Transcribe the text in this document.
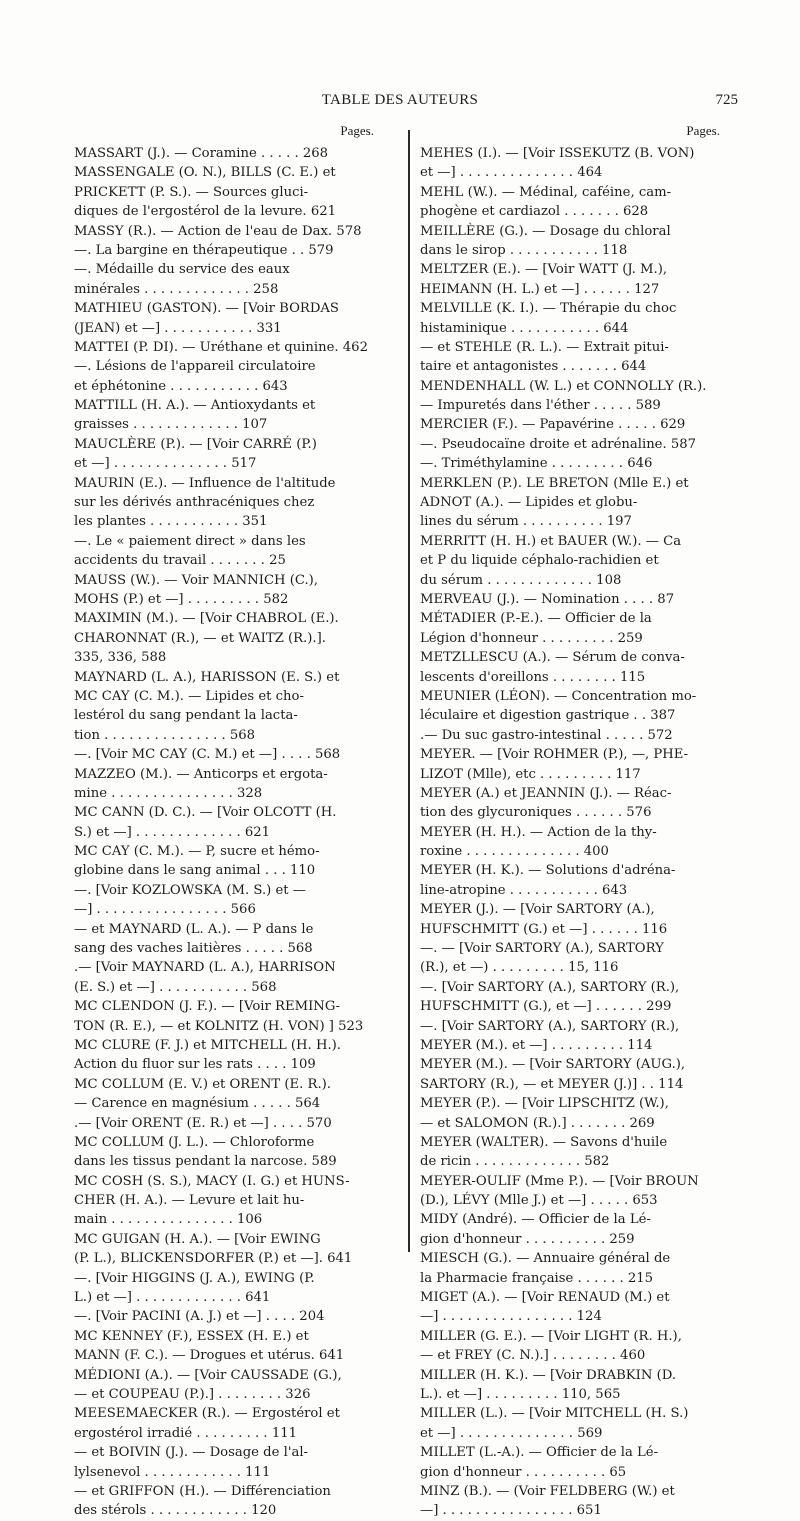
TABLE DES AUTEURS	725
Pages.
MASSART (J.). — Coramine . . . . . 268
MASSENGALE (O. N.), BILLS (C. E.) et
PRICKETT (P. S.). — Sources gluci-
diques de l'ergostérol de la levure. 621
MASSY (R.). — Action de l'eau de Dax. 578
—. La bargine en thérapeutique . . 579
—. Médaille du service des eaux
minérales . . . . . . . . . . . . . 258
MATHIEU (GASTON). — [Voir BORDAS
(JEAN) et —] . . . . . . . . . . . 331
MATTEI (P. DI). — Uréthane et quinine. 462
—. Lésions de l'appareil circulatoire
et éphétonine . . . . . . . . . . . 643
MATTILL (H. A.). — Antioxydants et
graisses . . . . . . . . . . . . . 107
MAUCLÈRE (P.). — [Voir CARRÉ (P.)
et —] . . . . . . . . . . . . . . 517
MAURIN (E.). — Influence de l'altitude
sur les dérivés anthracéniques chez
les plantes . . . . . . . . . . . 351
—. Le « paiement direct » dans les
accidents du travail . . . . . . . 25
MAUSS (W.). — Voir MANNICH (C.),
MOHS (P.) et —] . . . . . . . . . 582
MAXIMIN (M.). — [Voir CHABROL (E.).
CHARONNAT (R.), — et WAITZ (R.).].
335, 336, 588
MAYNARD (L. A.), HARISSON (E. S.) et
MC CAY (C. M.). — Lipides et cho-
lestérol du sang pendant la lacta-
tion . . . . . . . . . . . . . . . 568
—. [Voir MC CAY (C. M.) et —] . . . . 568
MAZZEO (M.). — Anticorps et ergota-
mine . . . . . . . . . . . . . . . 328
MC CANN (D. C.). — [Voir OLCOTT (H.
S.) et —] . . . . . . . . . . . . . 621
MC CAY (C. M.). — P, sucre et hémo-
globine dans le sang animal . . . 110
—. [Voir KOZLOWSKA (M. S.) et —
—] . . . . . . . . . . . . . . . . 566
— et MAYNARD (L. A.). — P dans le
sang des vaches laitières . . . . . 568
.— [Voir MAYNARD (L. A.), HARRISON
(E. S.) et —] . . . . . . . . . . . 568
MC CLENDON (J. F.). — [Voir REMING-
TON (R. E.), — et KOLNITZ (H. VON) ] 523
MC CLURE (F. J.) et MITCHELL (H. H.).
Action du fluor sur les rats . . . . 109
MC COLLUM (E. V.) et ORENT (E. R.).
— Carence en magnésium . . . . . 564
.— [Voir ORENT (E. R.) et —] . . . . 570
MC COLLUM (J. L.). — Chloroforme
dans les tissus pendant la narcose. 589
MC COSH (S. S.), MACY (I. G.) et HUNS-
CHER (H. A.). — Levure et lait hu-
main . . . . . . . . . . . . . . . 106
MC GUIGAN (H. A.). — [Voir EWING
(P. L.), BLICKENSDORFER (P.) et —]. 641
—. [Voir HIGGINS (J. A.), EWING (P.
L.) et —] . . . . . . . . . . . . . 641
—. [Voir PACINI (A. J.) et —] . . . . 204
MC KENNEY (F.), ESSEX (H. E.) et
MANN (F. C.). — Drogues et utérus. 641
MÉDIONI (A.). — [Voir CAUSSADE (G.),
— et COUPEAU (P.).] . . . . . . . . 326
MEESEMAECKER (R.). — Ergostérol et
ergostérol irradié . . . . . . . . . 111
— et BOIVIN (J.). — Dosage de l'al-
lylsenevol . . . . . . . . . . . . 111
— et GRIFFON (H.). — Différenciation
des stérols . . . . . . . . . . . . 120
Pages.
MEHES (I.). — [Voir ISSEKUTZ (B. VON)
et —] . . . . . . . . . . . . . . 464
MEHL (W.). — Médinal, caféine, cam-
phogène et cardiazol . . . . . . . 628
MEILLÈRE (G.). — Dosage du chloral
dans le sirop . . . . . . . . . . . 118
MELTZER (E.). — [Voir WATT (J. M.),
HEIMANN (H. L.) et —] . . . . . . 127
MELVILLE (K. I.). — Thérapie du choc
histaminique . . . . . . . . . . . 644
— et STEHLE (R. L.). — Extrait pitui-
taire et antagonistes . . . . . . . 644
MENDENHALL (W. L.) et CONNOLLY (R.).
— Impuretés dans l'éther . . . . . 589
MERCIER (F.). — Papavérine . . . . . 629
—. Pseudocaïne droite et adrénaline. 587
—. Triméthylamine . . . . . . . . . 646
MERKLEN (P.). LE BRETON (Mlle E.) et
ADNOT (A.). — Lipides et globu-
lines du sérum . . . . . . . . . . 197
MERRITT (H. H.) et BAUER (W.). — Ca
et P du liquide céphalo-rachidien et
du sérum . . . . . . . . . . . . . 108
MERVEAU (J.). — Nomination . . . . 87
MÉTADIER (P.-E.). — Officier de la
Légion d'honneur . . . . . . . . . 259
METZLLESCU (A.). — Sérum de conva-
lescents d'oreillons . . . . . . . . 115
MEUNIER (LÉON). — Concentration mo-
léculaire et digestion gastrique . . 387
.— Du suc gastro-intestinal . . . . . 572
MEYER. — [Voir ROHMER (P.), —, PHE-
LIZOT (Mlle), etc . . . . . . . . . 117
MEYER (A.) et JEANNIN (J.). — Réac-
tion des glycuroniques . . . . . . 576
MEYER (H. H.). — Action de la thy-
roxine . . . . . . . . . . . . . . 400
MEYER (H. K.). — Solutions d'adréna-
line-atropine . . . . . . . . . . . 643
MEYER (J.). — [Voir SARTORY (A.),
HUFSCHMITT (G.) et —] . . . . . . 116
—. — [Voir SARTORY (A.), SARTORY
(R.), et —) . . . . . . . . . 15, 116
—. [Voir SARTORY (A.), SARTORY (R.),
HUFSCHMITT (G.), et —] . . . . . . 299
—. [Voir SARTORY (A.), SARTORY (R.),
MEYER (M.). et —] . . . . . . . . . 114
MEYER (M.). — [Voir SARTORY (AUG.),
SARTORY (R.), — et MEYER (J.)] . . 114
MEYER (P.). — [Voir LIPSCHITZ (W.),
— et SALOMON (R.).] . . . . . . . 269
MEYER (WALTER). — Savons d'huile
de ricin . . . . . . . . . . . . . 582
MEYER-OULIF (Mme P.). — [Voir BROUN
(D.), LÉVY (Mlle J.) et —] . . . . . 653
MIDY (André). — Officier de la Lé-
gion d'honneur . . . . . . . . . . 259
MIESCH (G.). — Annuaire général de
la Pharmacie française . . . . . . 215
MIGET (A.). — [Voir RENAUD (M.) et
—] . . . . . . . . . . . . . . . . 124
MILLER (G. E.). — [Voir LIGHT (R. H.),
— et FREY (C. N.).] . . . . . . . . 460
MILLER (H. K.). — [Voir DRABKIN (D.
L.). et —] . . . . . . . . . 110, 565
MILLER (L.). — [Voir MITCHELL (H. S.)
et —] . . . . . . . . . . . . . . 569
MILLET (L.-A.). — Officier de la Lé-
gion d'honneur . . . . . . . . . . 65
MINZ (B.). — (Voir FELDBERG (W.) et
—] . . . . . . . . . . . . . . . . 651
